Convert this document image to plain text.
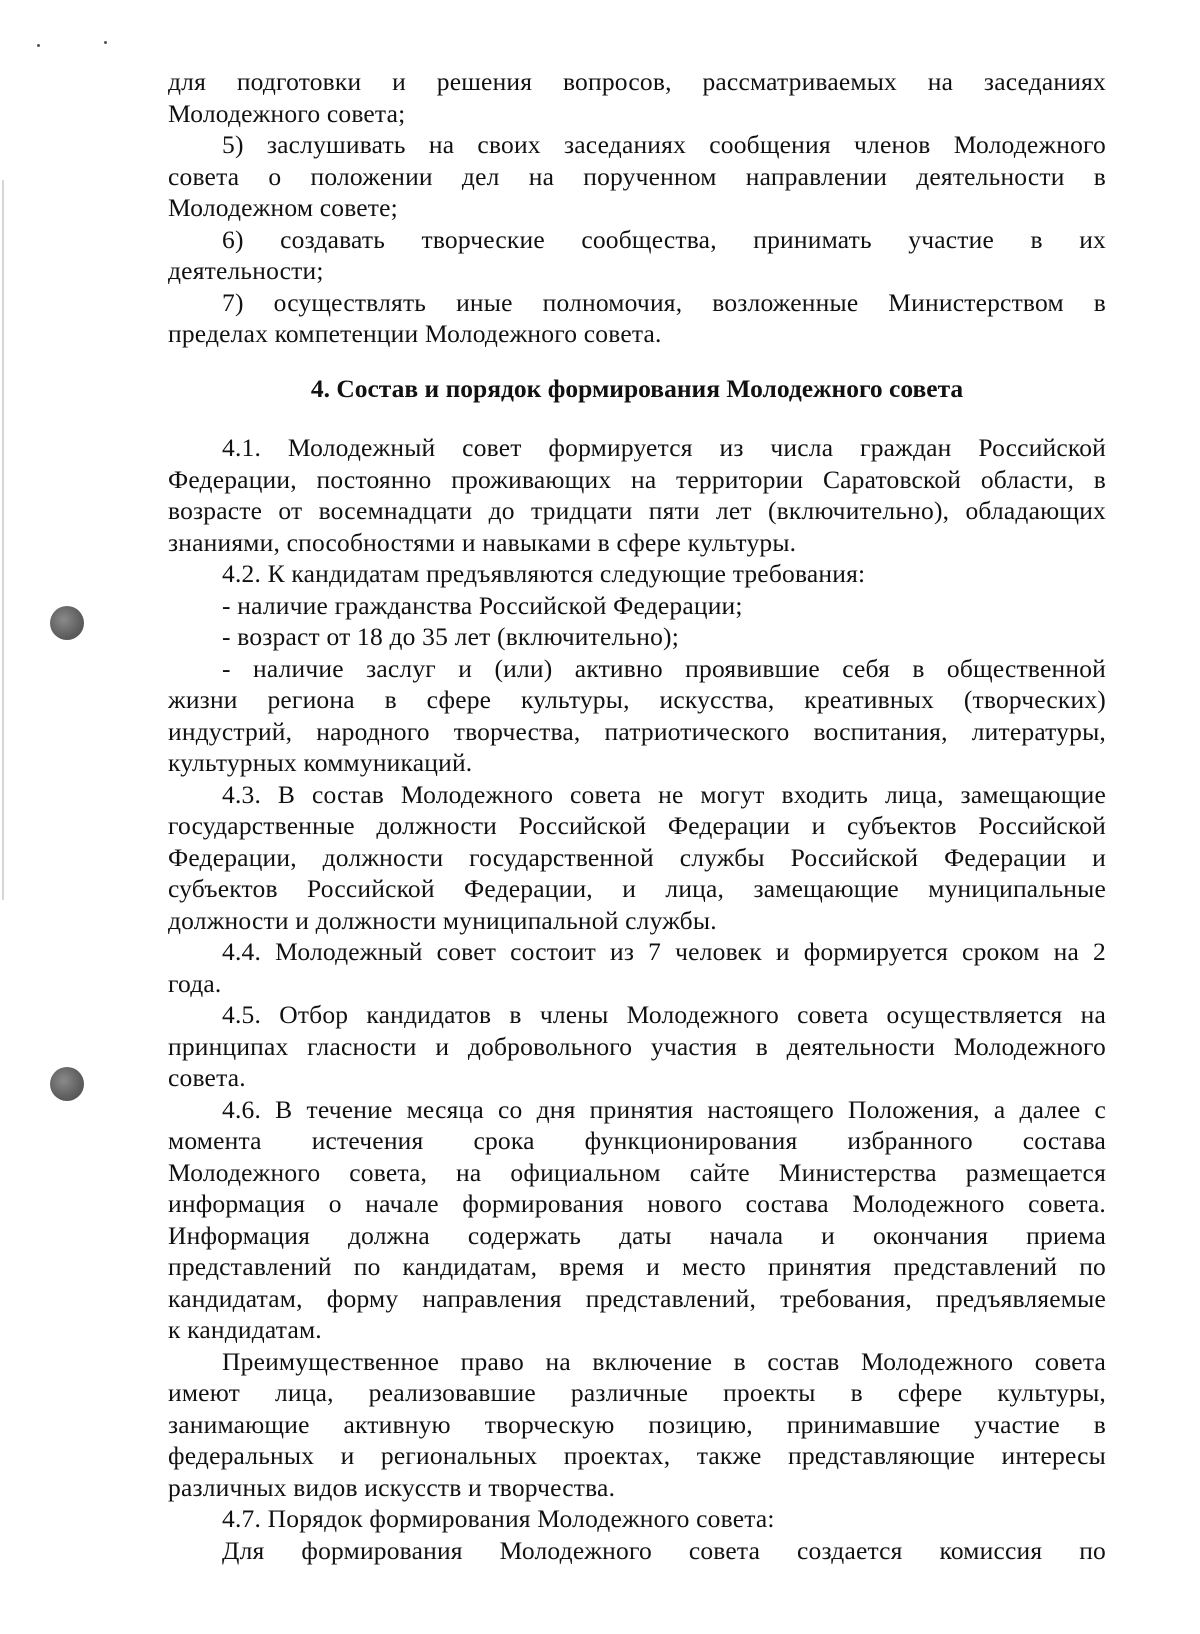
для подготовки и решения вопросов, рассматриваемых на заседаниях
Молодежного совета;
5) заслушивать на своих заседаниях сообщения членов Молодежного
совета о положении дел на порученном направлении деятельности в
Молодежном совете;
6) создавать творческие сообщества, принимать участие в их
деятельности;
7) осуществлять иные полномочия, возложенные Министерством в
пределах компетенции Молодежного совета.
4. Состав и порядок формирования Молодежного совета
4.1. Молодежный совет формируется из числа граждан Российской
Федерации, постоянно проживающих на территории Саратовской области, в
возрасте от восемнадцати до тридцати пяти лет (включительно), обладающих
знаниями, способностями и навыками в сфере культуры.
4.2. К кандидатам предъявляются следующие требования:
- наличие гражданства Российской Федерации;
- возраст от 18 до 35 лет (включительно);
- наличие заслуг и (или) активно проявившие себя в общественной
жизни региона в сфере культуры, искусства, креативных (творческих)
индустрий, народного творчества, патриотического воспитания, литературы,
культурных коммуникаций.
4.3. В состав Молодежного совета не могут входить лица, замещающие
государственные должности Российской Федерации и субъектов Российской
Федерации, должности государственной службы Российской Федерации и
субъектов Российской Федерации, и лица, замещающие муниципальные
должности и должности муниципальной службы.
4.4. Молодежный совет состоит из 7 человек и формируется сроком на 2
года.
4.5. Отбор кандидатов в члены Молодежного совета осуществляется на
принципах гласности и добровольного участия в деятельности Молодежного
совета.
4.6. В течение месяца со дня принятия настоящего Положения, а далее с
момента истечения срока функционирования избранного состава
Молодежного совета, на официальном сайте Министерства размещается
информация о начале формирования нового состава Молодежного совета.
Информация должна содержать даты начала и окончания приема
представлений по кандидатам, время и место принятия представлений по
кандидатам, форму направления представлений, требования, предъявляемые
к кандидатам.
Преимущественное право на включение в состав Молодежного совета
имеют лица, реализовавшие различные проекты в сфере культуры,
занимающие активную творческую позицию, принимавшие участие в
федеральных и региональных проектах, также представляющие интересы
различных видов искусств и творчества.
4.7. Порядок формирования Молодежного совета:
Для формирования Молодежного совета создается комиссия по
